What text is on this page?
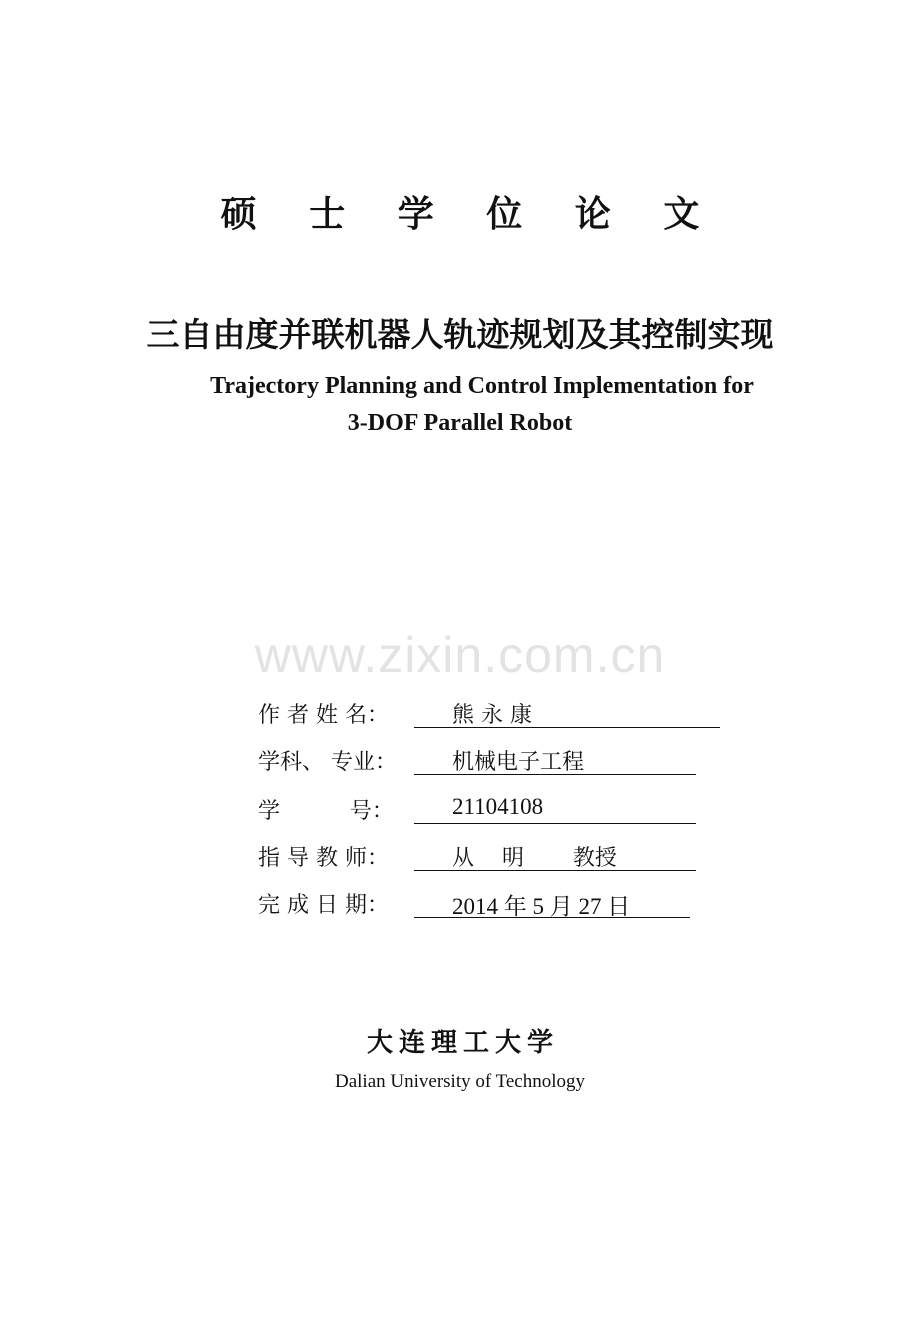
硕 士 学 位 论 文
三自由度并联机器人轨迹规划及其控制实现
Trajectory Planning and Control Implementation for
3-DOF Parallel Robot
www.zixin.com.cn
作 者 姓 名：

	熊 永 康

学科、 专业：

	机械电子工程

学          号：

	21104108

指 导 教 师：

	从    明       教授

完 成 日 期：

	2014 年 5 月 27 日

大连理工大学
Dalian University of Technology
